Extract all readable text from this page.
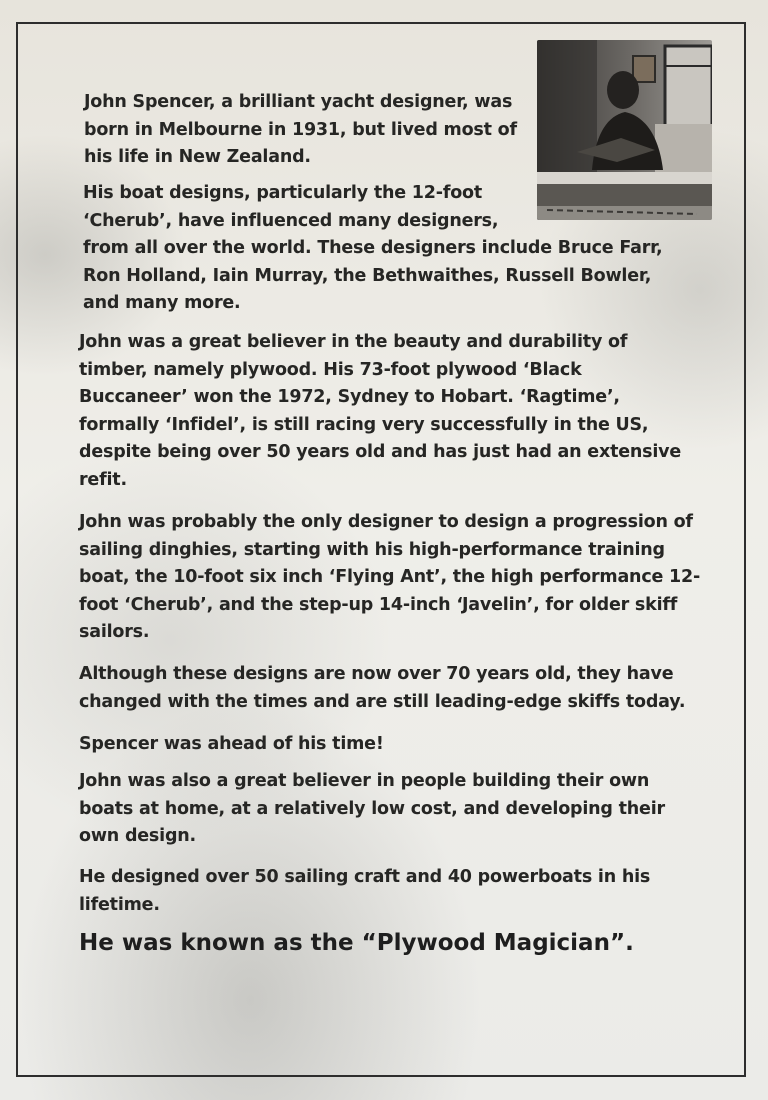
John Spencer, a brilliant yacht designer, was
born in Melbourne in 1931, but lived most of
his life in New Zealand.
His boat designs, particularly the 12-foot
‘Cherub’, have influenced many designers,
from all over the world. These designers include Bruce Farr,
Ron Holland, Iain Murray, the Bethwaithes, Russell Bowler,
and many more.
John was a great believer in the beauty and durability of
timber, namely plywood. His 73-foot plywood ‘Black
Buccaneer’ won the 1972, Sydney to Hobart. ‘Ragtime’,
formally ‘Infidel’, is still racing very successfully in the US,
despite being over 50 years old and has just had an extensive
refit.
John was probably the only designer to design a progression of
sailing dinghies, starting with his high-performance training
boat, the 10-foot six inch ‘Flying Ant’, the high performance 12-
foot ‘Cherub’, and the step-up 14-inch ‘Javelin’, for older skiff
sailors.
Although these designs are now over 70 years old, they have
changed with the times and are still leading-edge skiffs today.
Spencer was ahead of his time!
John was also a great believer in people building their own
boats at home, at a relatively low cost, and developing their
own design.
He designed over 50 sailing craft and 40 powerboats in his
lifetime.
He was known as the “Plywood Magician”.
